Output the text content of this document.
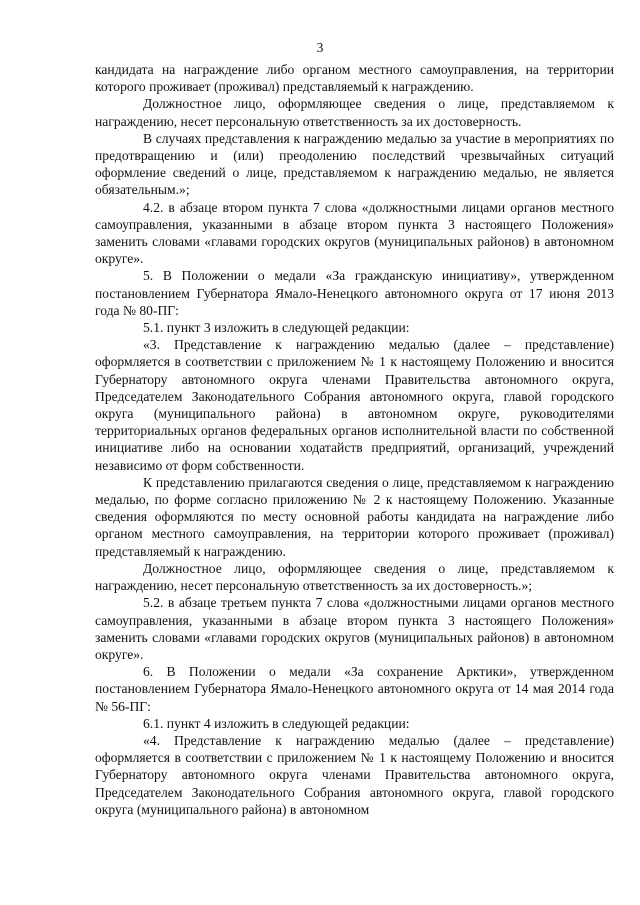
3

кандидата на награждение либо органом местного самоуправления, на территории которого проживает (проживал) представляемый к награждению.

Должностное лицо, оформляющее сведения о лице, представляемом к награждению, несет персональную ответственность за их достоверность.

В случаях представления к награждению медалью за участие в мероприятиях по предотвращению и (или) преодолению последствий чрезвычайных ситуаций оформление сведений о лице, представляемом к награждению медалью, не является обязательным.»;

4.2. в абзаце втором пункта 7 слова «должностными лицами органов местного самоуправления, указанными в абзаце втором пункта 3 настоящего Положения» заменить словами «главами городских округов (муниципальных районов) в автономном округе».

5. В Положении о медали «За гражданскую инициативу», утвержденном постановлением Губернатора Ямало-Ненецкого автономного округа от 17 июня 2013 года № 80-ПГ:

5.1. пункт 3 изложить в следующей редакции:

«3. Представление к награждению медалью (далее – представление) оформляется в соответствии с приложением № 1 к настоящему Положению и вносится Губернатору автономного округа членами Правительства автономного округа, Председателем Законодательного Собрания автономного округа, главой городского округа (муниципального района) в автономном округе, руководителями территориальных органов федеральных органов исполнительной власти по собственной инициативе либо на основании ходатайств предприятий, организаций, учреждений независимо от форм собственности.

К представлению прилагаются сведения о лице, представляемом к награждению медалью, по форме согласно приложению № 2 к настоящему Положению. Указанные сведения оформляются по месту основной работы кандидата на награждение либо органом местного самоуправления, на территории которого проживает (проживал) представляемый к награждению.

Должностное лицо, оформляющее сведения о лице, представляемом к награждению, несет персональную ответственность за их достоверность.»;

5.2. в абзаце третьем пункта 7 слова «должностными лицами органов местного самоуправления, указанными в абзаце втором пункта 3 настоящего Положения» заменить словами «главами городских округов (муниципальных районов) в автономном округе».

6. В Положении о медали «За сохранение Арктики», утвержденном постановлением Губернатора Ямало-Ненецкого автономного округа от 14 мая 2014 года № 56-ПГ:

6.1. пункт 4 изложить в следующей редакции:

«4. Представление к награждению медалью (далее – представление) оформляется в соответствии с приложением № 1 к настоящему Положению и вносится Губернатору автономного округа членами Правительства автономного округа, Председателем Законодательного Собрания автономного округа, главой городского округа (муниципального района) в автономном
